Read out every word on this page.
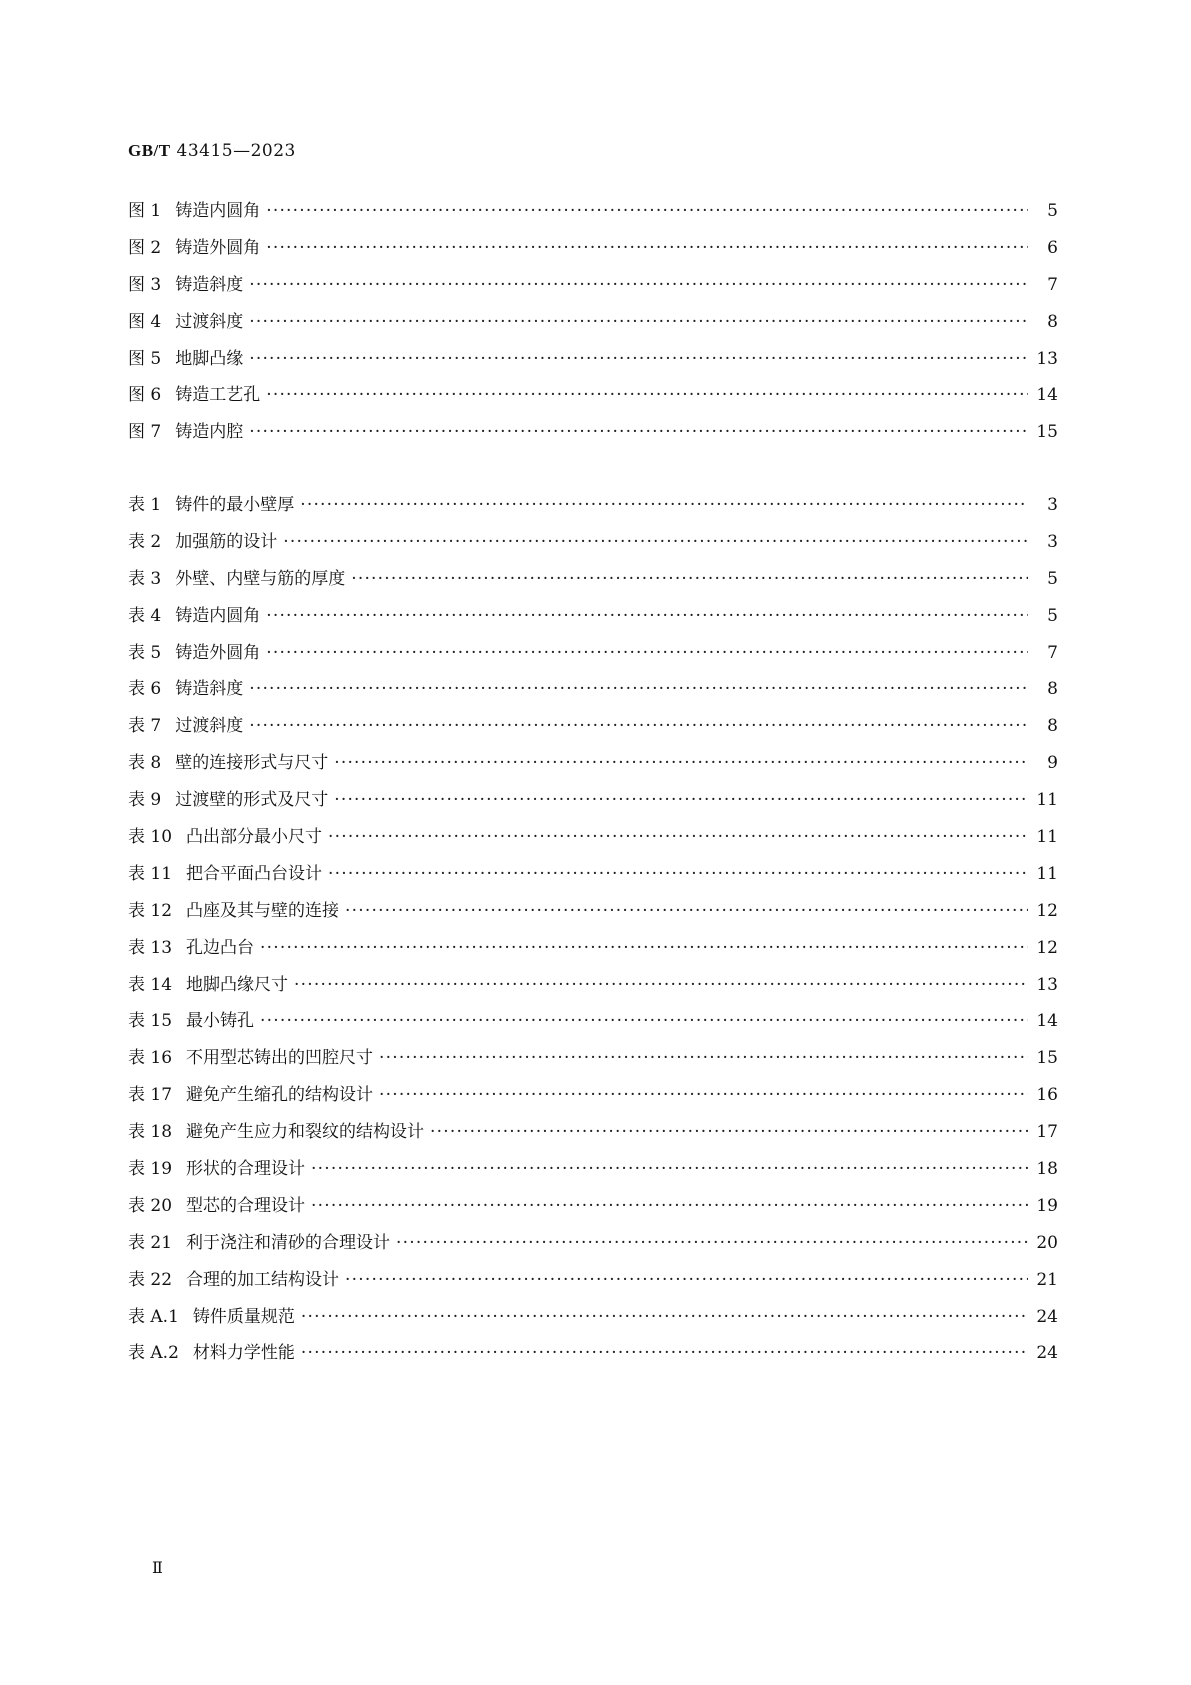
GB/T 43415—2023
图 1 铸造内圆角 ·····	5
图 2 铸造外圆角 ·····	6
图 3 铸造斜度 ·····	7
图 4 过渡斜度 ·····	8
图 5 地脚凸缘 ·····	13
图 6 铸造工艺孔 ·····	14
图 7 铸造内腔 ·····	15
表 1 铸件的最小壁厚 ·····	3
表 2 加强筋的设计 ·····	3
表 3 外壁、内壁与筋的厚度 ·····	5
表 4 铸造内圆角 ·····	5
表 5 铸造外圆角 ·····	7
表 6 铸造斜度 ·····	8
表 7 过渡斜度 ·····	8
表 8 壁的连接形式与尺寸 ·····	9
表 9 过渡壁的形式及尺寸 ·····	11
表 10 凸出部分最小尺寸 ·····	11
表 11 把合平面凸台设计 ·····	11
表 12 凸座及其与壁的连接 ·····	12
表 13 孔边凸台 ·····	12
表 14 地脚凸缘尺寸 ·····	13
表 15 最小铸孔 ·····	14
表 16 不用型芯铸出的凹腔尺寸 ·····	15
表 17 避免产生缩孔的结构设计 ·····	16
表 18 避免产生应力和裂纹的结构设计 ·····	17
表 19 形状的合理设计 ·····	18
表 20 型芯的合理设计 ·····	19
表 21 利于浇注和清砂的合理设计 ·····	20
表 22 合理的加工结构设计 ·····	21
表 A.1 铸件质量规范 ·····	24
表 A.2 材料力学性能 ·····	24
Ⅱ
